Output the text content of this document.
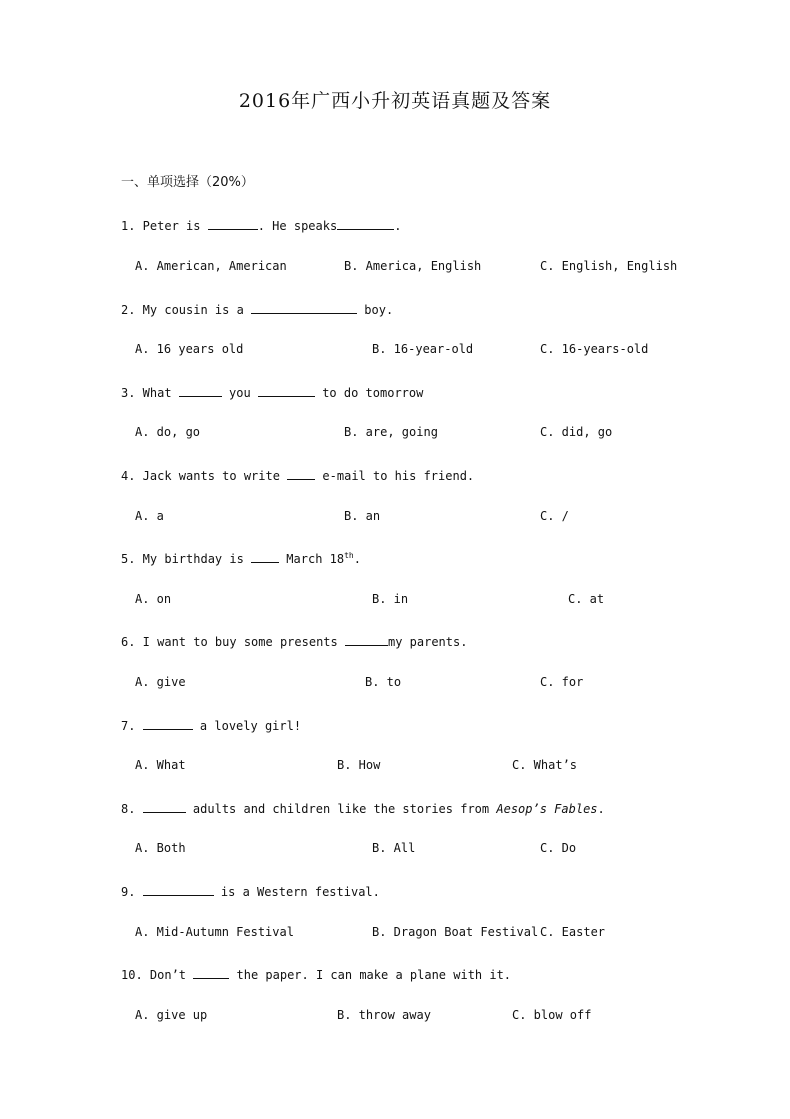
2016年广西小升初英语真题及答案
一、单项选择（20%）
1. Peter is	. He speaks	.
A. American, American	B. America, English	C. English, English
2. My cousin is a	boy.
A. 16 years old	B. 16-year-old	C. 16-years-old
3. What	you	to do tomorrow
A. do, go	B. are, going	C. did, go
4. Jack wants to write	e-mail to his friend.
A. a	B. an	C. /
5. My birthday is	March 18th.
A. on	B. in	C. at
6. I want to buy some presents	my parents.
A. give	B. to	C. for
7.	a lovely girl!
A. What	B. How	C. What’s
8.	adults and children like the stories from Aesop’s Fables.
A. Both	B. All	C. Do
9.	is a Western festival.
A. Mid-Autumn Festival	B. Dragon Boat Festival C. Easter
10. Don’t	the paper. I can make a plane with it.
A. give up	B. throw away	C. blow off
